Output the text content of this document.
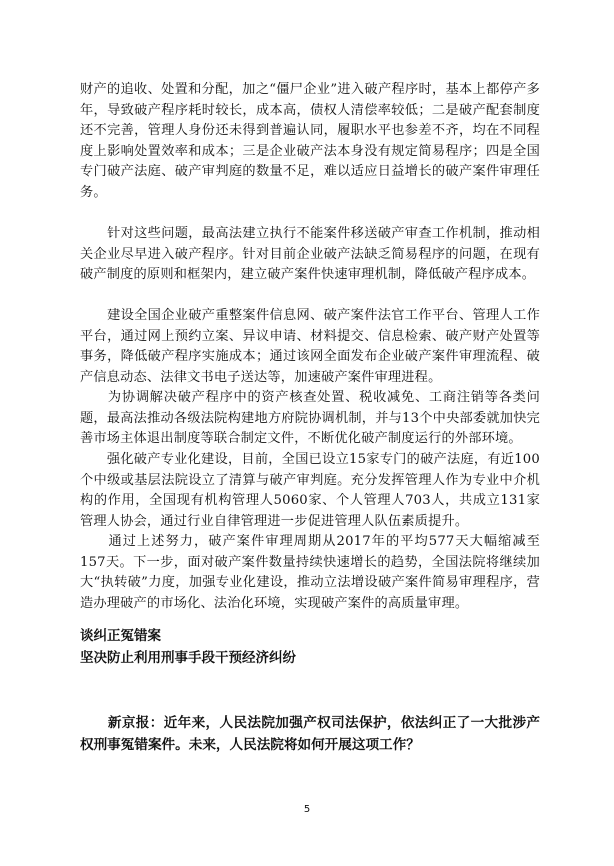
财产的追收、处置和分配，加之“僵尸企业”进入破产程序时，基本上都停产多年，导致破产程序耗时较长，成本高，债权人清偿率较低；二是破产配套制度还不完善，管理人身份还未得到普遍认同，履职水平也参差不齐，均在不同程度上影响处置效率和成本；三是企业破产法本身没有规定简易程序；四是全国专门破产法庭、破产审判庭的数量不足，难以适应日益增长的破产案件审理任务。

　　针对这些问题，最高法建立执行不能案件移送破产审查工作机制，推动相关企业尽早进入破产程序。针对目前企业破产法缺乏简易程序的问题，在现有破产制度的原则和框架内，建立破产案件快速审理机制，降低破产程序成本。

　　建设全国企业破产重整案件信息网、破产案件法官工作平台、管理人工作平台，通过网上预约立案、异议申请、材料提交、信息检索、破产财产处置等事务，降低破产程序实施成本；通过该网全面发布企业破产案件审理流程、破产信息动态、法律文书电子送达等，加速破产案件审理进程。

　　为协调解决破产程序中的资产核查处置、税收减免、工商注销等各类问题，最高法推动各级法院构建地方府院协调机制，并与13个中央部委就加快完善市场主体退出制度等联合制定文件，不断优化破产制度运行的外部环境。

　　强化破产专业化建设，目前，全国已设立15家专门的破产法庭，有近100个中级或基层法院设立了清算与破产审判庭。充分发挥管理人作为专业中介机构的作用，全国现有机构管理人5060家、个人管理人703人，共成立131家管理人协会，通过行业自律管理进一步促进管理人队伍素质提升。

　　通过上述努力，破产案件审理周期从2017年的平均577天大幅缩减至157天。下一步，面对破产案件数量持续快速增长的趋势，全国法院将继续加大“执转破”力度，加强专业化建设，推动立法增设破产案件简易审理程序，营造办理破产的市场化、法治化环境，实现破产案件的高质量审理。

谈纠正冤错案
坚决防止利用刑事手段干预经济纠纷

　　新京报：近年来，人民法院加强产权司法保护，依法纠正了一大批涉产权刑事冤错案件。未来，人民法院将如何开展这项工作？

5
